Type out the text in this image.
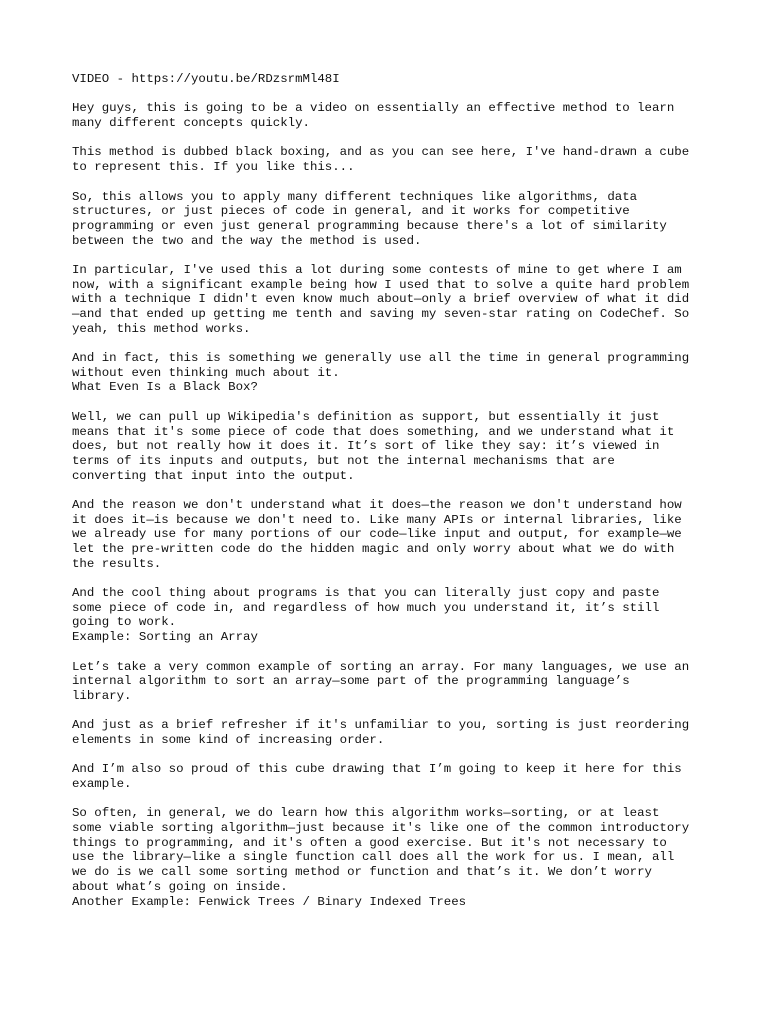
VIDEO - https://youtu.be/RDzsrmMl48I
Hey guys, this is going to be a video on essentially an effective method to learn
many different concepts quickly.
This method is dubbed black boxing, and as you can see here, I've hand-drawn a cube
to represent this. If you like this...
So, this allows you to apply many different techniques like algorithms, data
structures, or just pieces of code in general, and it works for competitive
programming or even just general programming because there's a lot of similarity
between the two and the way the method is used.
In particular, I've used this a lot during some contests of mine to get where I am
now, with a significant example being how I used that to solve a quite hard problem
with a technique I didn't even know much about—only a brief overview of what it did
—and that ended up getting me tenth and saving my seven-star rating on CodeChef. So
yeah, this method works.
And in fact, this is something we generally use all the time in general programming
without even thinking much about it.
What Even Is a Black Box?
Well, we can pull up Wikipedia's definition as support, but essentially it just
means that it's some piece of code that does something, and we understand what it
does, but not really how it does it. It’s sort of like they say: it’s viewed in
terms of its inputs and outputs, but not the internal mechanisms that are
converting that input into the output.
And the reason we don't understand what it does—the reason we don't understand how
it does it—is because we don't need to. Like many APIs or internal libraries, like
we already use for many portions of our code—like input and output, for example—we
let the pre-written code do the hidden magic and only worry about what we do with
the results.
And the cool thing about programs is that you can literally just copy and paste
some piece of code in, and regardless of how much you understand it, it’s still
going to work.
Example: Sorting an Array
Let’s take a very common example of sorting an array. For many languages, we use an
internal algorithm to sort an array—some part of the programming language’s
library.
And just as a brief refresher if it's unfamiliar to you, sorting is just reordering
elements in some kind of increasing order.
And I’m also so proud of this cube drawing that I’m going to keep it here for this
example.
So often, in general, we do learn how this algorithm works—sorting, or at least
some viable sorting algorithm—just because it's like one of the common introductory
things to programming, and it's often a good exercise. But it's not necessary to
use the library—like a single function call does all the work for us. I mean, all
we do is we call some sorting method or function and that’s it. We don’t worry
about what’s going on inside.
Another Example: Fenwick Trees / Binary Indexed Trees
